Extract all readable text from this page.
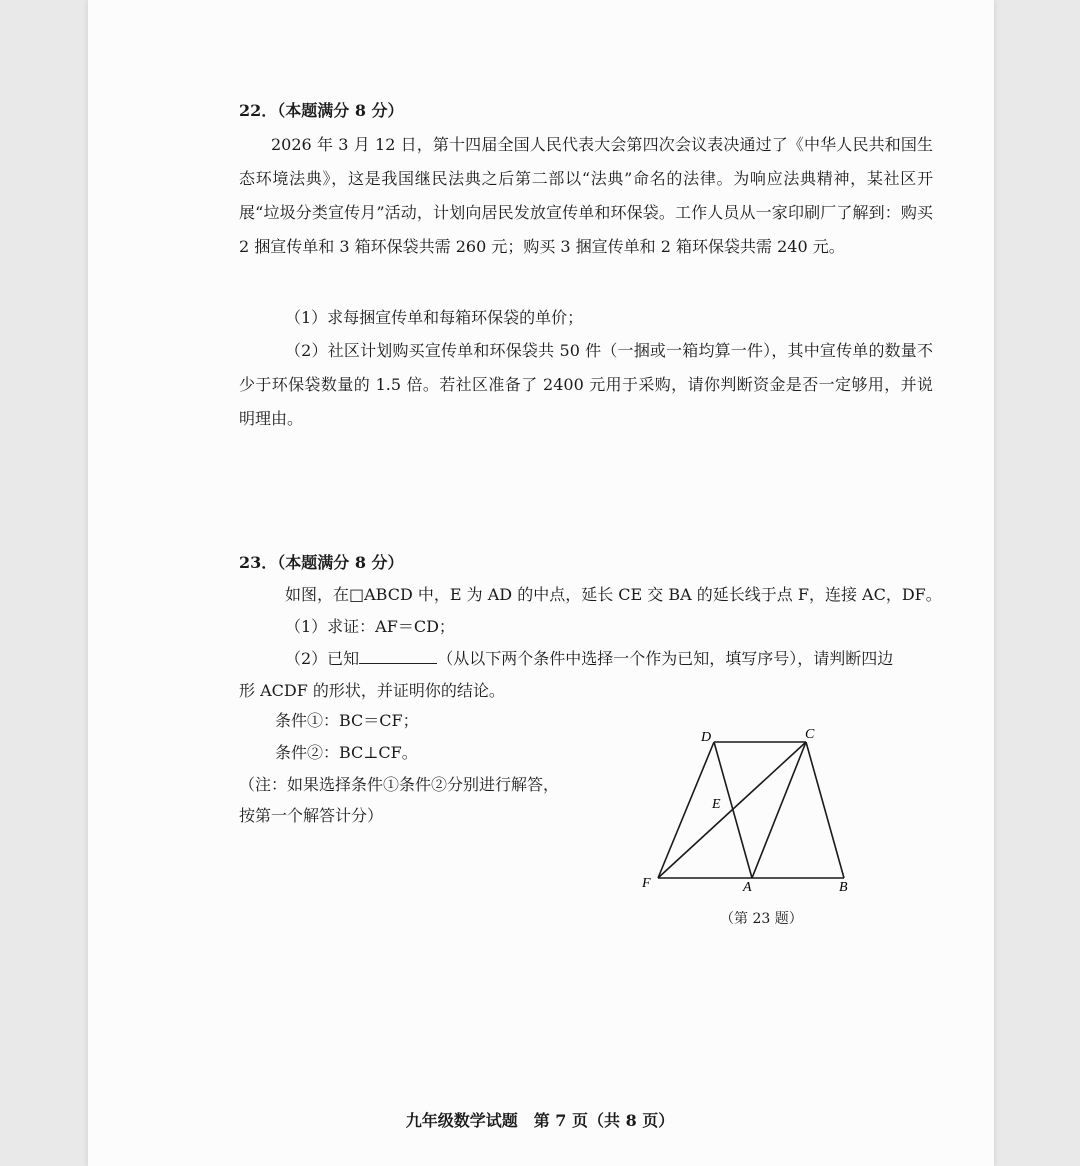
22．（本题满分 8 分）

2026 年 3 月 12 日，第十四届全国人民代表大会第四次会议表决通过了《中华人民共和国生态环境法典》，这是我国继民法典之后第二部以“法典”命名的法律。为响应法典精神，某社区开展“垃圾分类宣传月”活动，计划向居民发放宣传单和环保袋。工作人员从一家印刷厂了解到：购买 2 捆宣传单和 3 箱环保袋共需 260 元；购买 3 捆宣传单和 2 箱环保袋共需 240 元。

（1）求每捆宣传单和每箱环保袋的单价；

（2）社区计划购买宣传单和环保袋共 50 件（一捆或一箱均算一件），其中宣传单的数量不少于环保袋数量的 1.5 倍。若社区准备了 2400 元用于采购，请你判断资金是否一定够用，并说明理由。

23．（本题满分 8 分）
如图，在□ABCD 中，E 为 AD 的中点，延长 CE 交 BA 的延长线于点 F，连接 AC，DF。
（1）求证：AF＝CD；
（2）已知	（从以下两个条件中选择一个作为已知，填写序号），请判断四边
形 ACDF 的形状，并证明你的结论。
条件①：BC＝CF；
条件②：BC⊥CF。
（注：如果选择条件①条件②分别进行解答，
按第一个解答计分）
D	C
E
F	A	B
（第 23 题）
九年级数学试题　第 7 页（共 8 页）
